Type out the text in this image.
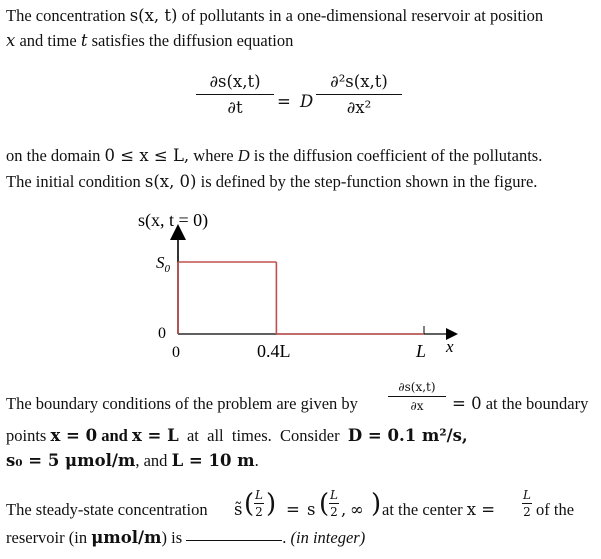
The concentration s(x, t) of pollutants in a one-dimensional reservoir at position
x and time t satisfies the diffusion equation
∂s(x,t)
∂t	= D
∂²s(x,t)
∂x²
on the domain 0 ≤ x ≤ L, where D is the diffusion coefficient of the pollutants.
The initial condition s(x, 0) is defined by the step-function shown in the figure.
s(x, t = 0)
$S_0$
0
0	0.4L	L x
The boundary conditions of the problem are given by
∂s(x,t)
∂x	= 0 at the boundary
points x = 0 and x = L  at  all  times.  Consider  D = 0.1 m²/s,
s₀ = 5 μmol/m, and L = 10 m.
The steady-state concentration s̃ ( L
2 ) = s ( L
2 , ∞ ) at the center x =
L
2 of the
reservoir (in μmol/m) is	. (in integer)
